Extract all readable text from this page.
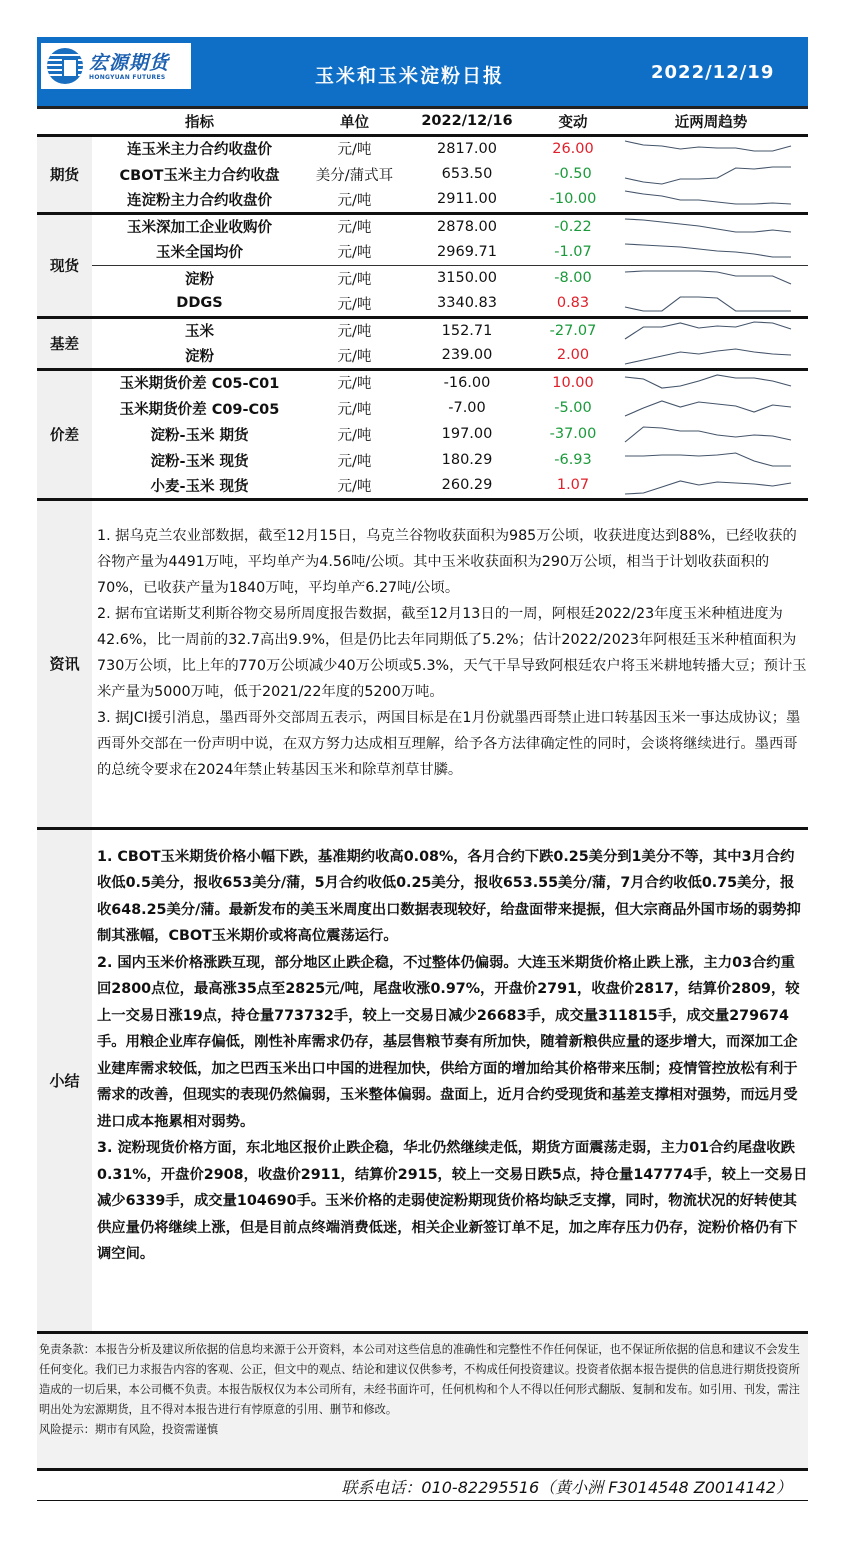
宏源期货
HONGYUAN FUTURES	玉米和玉米淀粉日报	2022/12/19
	指标	单位	2022/12/16	变动	近两周趋势
期货	连玉米主力合约收盘价	元/吨	2817.00	26.00	

	CBOT玉米主力合约收盘	美分/蒲式耳	653.50	-0.50	

	连淀粉主力合约收盘价	元/吨	2911.00	-10.00	

现货	玉米深加工企业收购价	元/吨	2878.00	-0.22	

	玉米全国均价	元/吨	2969.71	-1.07	

	淀粉	元/吨	3150.00	-8.00	

	DDGS	元/吨	3340.83	0.83	

基差	玉米	元/吨	152.71	-27.07	

	淀粉	元/吨	239.00	2.00	

价差	玉米期货价差 C05-C01	元/吨	-16.00	10.00	

	玉米期货价差 C09-C05	元/吨	-7.00	-5.00	

	淀粉-玉米 期货	元/吨	197.00	-37.00	

	淀粉-玉米 现货	元/吨	180.29	-6.93	

	小麦-玉米 现货	元/吨	260.29	1.07	
资讯

1. 据乌克兰农业部数据，截至12月15日，乌克兰谷物收获面积为985万公顷，收获进度达到88%，已经收获的谷物产量为4491万吨，平均单产为4.56吨/公顷。其中玉米收获面积为290万公顷，相当于计划收获面积的70%，已收获产量为1840万吨，平均单产6.27吨/公顷。

2. 据布宜诺斯艾利斯谷物交易所周度报告数据，截至12月13日的一周，阿根廷2022/23年度玉米种植进度为42.6%，比一周前的32.7高出9.9%，但是仍比去年同期低了5.2%；估计2022/2023年阿根廷玉米种植面积为730万公顷，比上年的770万公顷减少40万公顷或5.3%，天气干旱导致阿根廷农户将玉米耕地转播大豆；预计玉米产量为5000万吨，低于2021/22年度的5200万吨。

3. 据JCI援引消息，墨西哥外交部周五表示，两国目标是在1月份就墨西哥禁止进口转基因玉米一事达成协议；墨西哥外交部在一份声明中说，在双方努力达成相互理解，给予各方法律确定性的同时，会谈将继续进行。墨西哥的总统令要求在2024年禁止转基因玉米和除草剂草甘膦。

小结

1. CBOT玉米期货价格小幅下跌，基准期约收高0.08%，各月合约下跌0.25美分到1美分不等，其中3月合约收低0.5美分，报收653美分/蒲，5月合约收低0.25美分，报收653.55美分/蒲，7月合约收低0.75美分，报收648.25美分/蒲。最新发布的美玉米周度出口数据表现较好，给盘面带来提振，但大宗商品外国市场的弱势抑制其涨幅，CBOT玉米期价或将高位震荡运行。

2. 国内玉米价格涨跌互现，部分地区止跌企稳，不过整体仍偏弱。大连玉米期货价格止跌上涨，主力03合约重回2800点位，最高涨35点至2825元/吨，尾盘收涨0.97%，开盘价2791，收盘价2817，结算价2809，较上一交易日涨19点，持仓量773732手，较上一交易日减少26683手，成交量311815手，成交量279674手。用粮企业库存偏低，刚性补库需求仍存，基层售粮节奏有所加快，随着新粮供应量的逐步增大，而深加工企业建库需求较低，加之巴西玉米出口中国的进程加快，供给方面的增加给其价格带来压制；疫情管控放松有利于需求的改善，但现实的表现仍然偏弱，玉米整体偏弱。盘面上，近月合约受现货和基差支撑相对强势，而远月受进口成本拖累相对弱势。

3. 淀粉现货价格方面，东北地区报价止跌企稳，华北仍然继续走低，期货方面震荡走弱，主力01合约尾盘收跌0.31%，开盘价2908，收盘价2911，结算价2915，较上一交易日跌5点，持仓量147774手，较上一交易日减少6339手，成交量104690手。玉米价格的走弱使淀粉期现货价格均缺乏支撑，同时，物流状况的好转使其供应量仍将继续上涨，但是目前点终端消费低迷，相关企业新签订单不足，加之库存压力仍存，淀粉价格仍有下调空间。

免责条款：本报告分析及建议所依据的信息均来源于公开资料，本公司对这些信息的准确性和完整性不作任何保证，也不保证所依据的信息和建议不会发生任何变化。我们已力求报告内容的客观、公正，但文中的观点、结论和建议仅供参考，不构成任何投资建议。投资者依据本报告提供的信息进行期货投资所造成的一切后果，本公司概不负责。本报告版权仅为本公司所有，未经书面许可，任何机构和个人不得以任何形式翻版、复制和发布。如引用、刊发，需注明出处为宏源期货，且不得对本报告进行有悖原意的引用、删节和修改。
风险提示：期市有风险，投资需谨慎
联系电话：010-82295516（黄小洲 F3014548 Z0014142）
